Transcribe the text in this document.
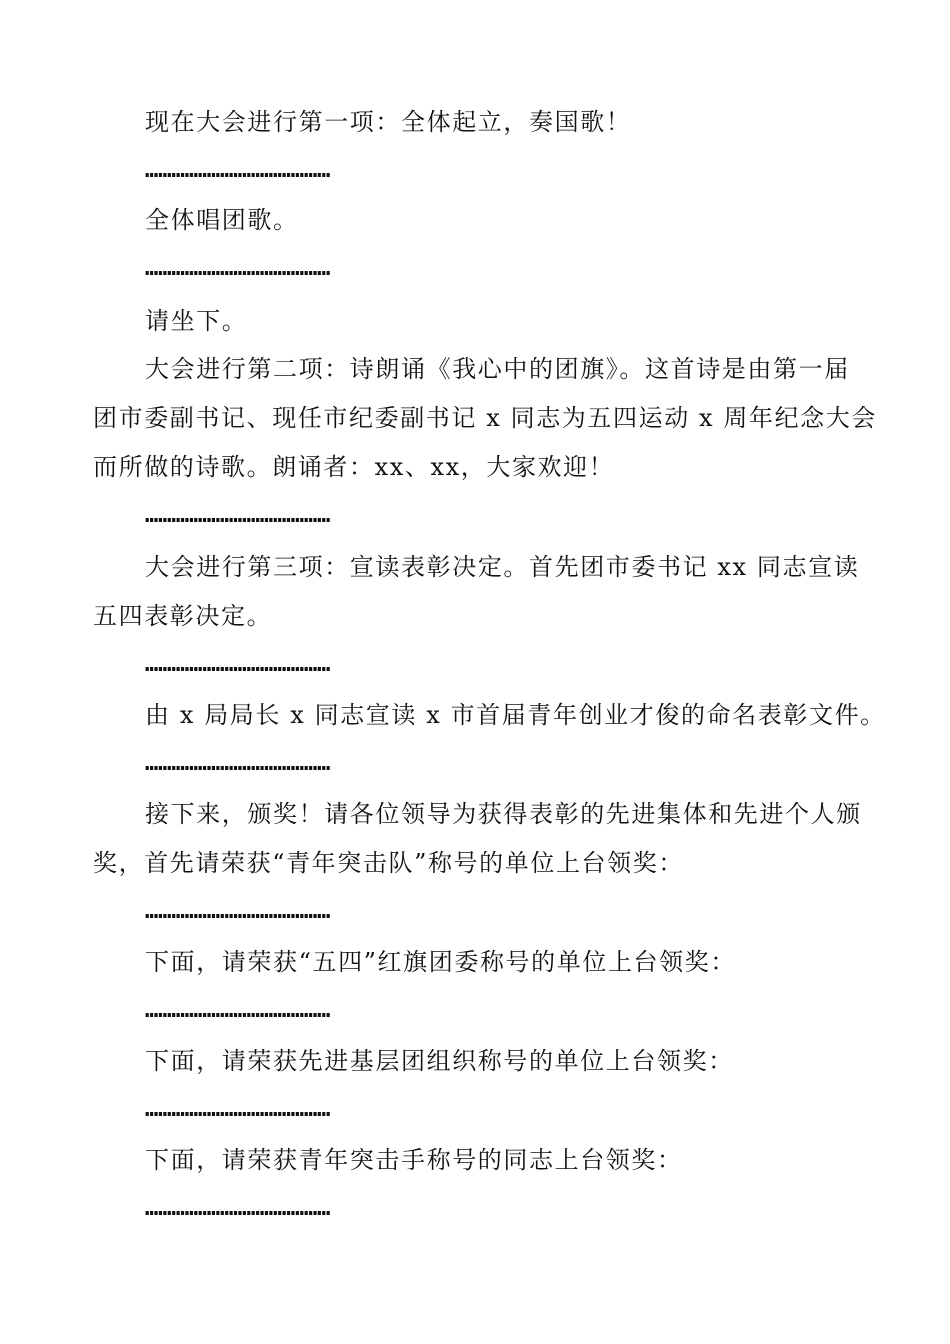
现在大会进行第一项：全体起立，奏国歌！
……………………………………
全体唱团歌。
……………………………………
请坐下。
大会进行第二项：诗朗诵《我心中的团旗》。这首诗是由第一届
团市委副书记、现任市纪委副书记 x 同志为五四运动 x 周年纪念大会
而所做的诗歌。朗诵者：xx、xx，大家欢迎！
……………………………………
大会进行第三项：宣读表彰决定。首先团市委书记 xx 同志宣读
五四表彰决定。
……………………………………
由 x 局局长 x 同志宣读 x 市首届青年创业才俊的命名表彰文件。
……………………………………
接下来，颁奖！请各位领导为获得表彰的先进集体和先进个人颁
奖，首先请荣获“青年突击队”称号的单位上台领奖：
……………………………………
下面，请荣获“五四”红旗团委称号的单位上台领奖：
……………………………………
下面，请荣获先进基层团组织称号的单位上台领奖：
……………………………………
下面，请荣获青年突击手称号的同志上台领奖：
……………………………………
